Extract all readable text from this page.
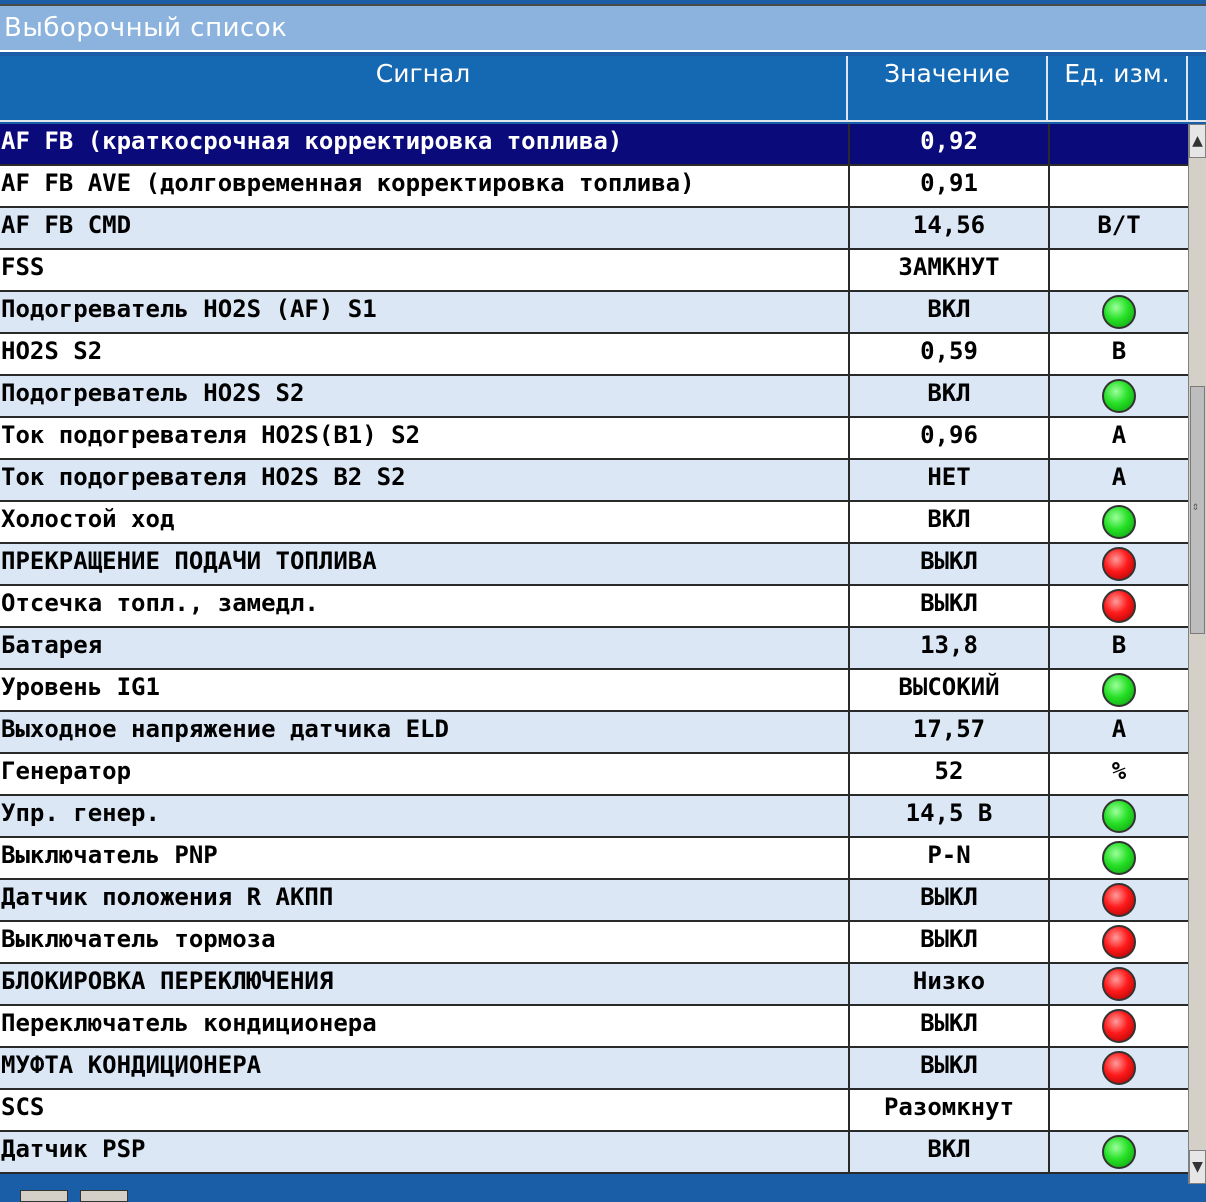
Выборочный список
Сигнал	Значение	Ед. изм.
AF FB (краткосрочная корректировка топлива)	0,92
AF FB AVE (долговременная корректировка топлива)	0,91
AF FB CMD	14,56	В/Т
FSS	ЗАМКНУТ
Подогреватель HO2S (AF) S1	ВКЛ
HO2S S2	0,59	В
Подогреватель HO2S S2	ВКЛ
Ток подогревателя HO2S(B1) S2	0,96	А
Ток подогревателя HO2S B2 S2	НЕТ	А
Холостой ход	ВКЛ
ПРЕКРАЩЕНИЕ ПОДАЧИ ТОПЛИВА	ВЫКЛ
Отсечка топл., замедл.	ВЫКЛ
Батарея	13,8	В
Уровень IG1	ВЫСОКИЙ
Выходное напряжение датчика ELD	17,57	А
Генератор	52	%
Упр. генер.	14,5 В
Выключатель PNP	P-N
Датчик положения R АКПП	ВЫКЛ
Выключатель тормоза	ВЫКЛ
БЛОКИРОВКА ПЕРЕКЛЮЧЕНИЯ	Низко
Переключатель кондиционера	ВЫКЛ
МУФТА КОНДИЦИОНЕРА	ВЫКЛ
SCS	Разомкнут
Датчик PSP	ВКЛ
▲
⇕
▼
